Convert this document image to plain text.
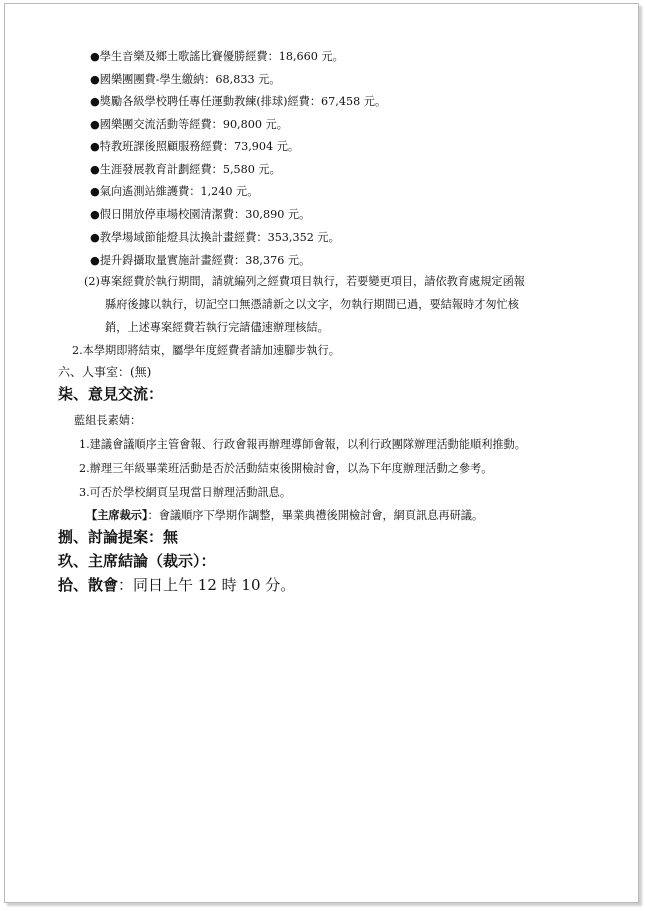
●學生音樂及鄉土歌謠比賽優勝經費：18,660 元。
●國樂團團費-學生繳納：68,833 元。
●獎勵各級學校聘任專任運動教練(排球)經費：67,458 元。
●國樂團交流活動等經費：90,800 元。
●特教班課後照顧服務經費：73,904 元。
●生涯發展教育計劃經費：5,580 元。
●氣向遙測站維護費：1,240 元。
●假日開放停車場校園清潔費：30,890 元。
●教學場域節能燈具汰換計畫經費：353,352 元。
●提升鍀攝取量實施計畫經費：38,376 元。
(2)專案經費於執行期間，請就編列之經費項目執行，若要變更項目，請依教育處規定函報
縣府後據以執行，切記空口無憑請新之以文字，勿執行期間已過，要結報時才匆忙核
銷，上述專案經費若執行完請儘速辦理核結。
2.本學期即將結束，屬學年度經費者請加速腳步執行。
六、人事室：(無)
柒、意見交流：
藍組長素婧：
1.建議會議順序主管會報、行政會報再辦理導師會報，以利行政團隊辦理活動能順利推動。
2.辦理三年級畢業班活動是否於活動結束後開檢討會，以為下年度辦理活動之參考。
3.可否於學校網頁呈現當日辦理活動訊息。
【主席裁示】：會議順序下學期作調整，畢業典禮後開檢討會，網頁訊息再研議。
捌、討論提案：無
玖、主席結論（裁示）：
拾、散會：同日上午 12 時 10 分。
